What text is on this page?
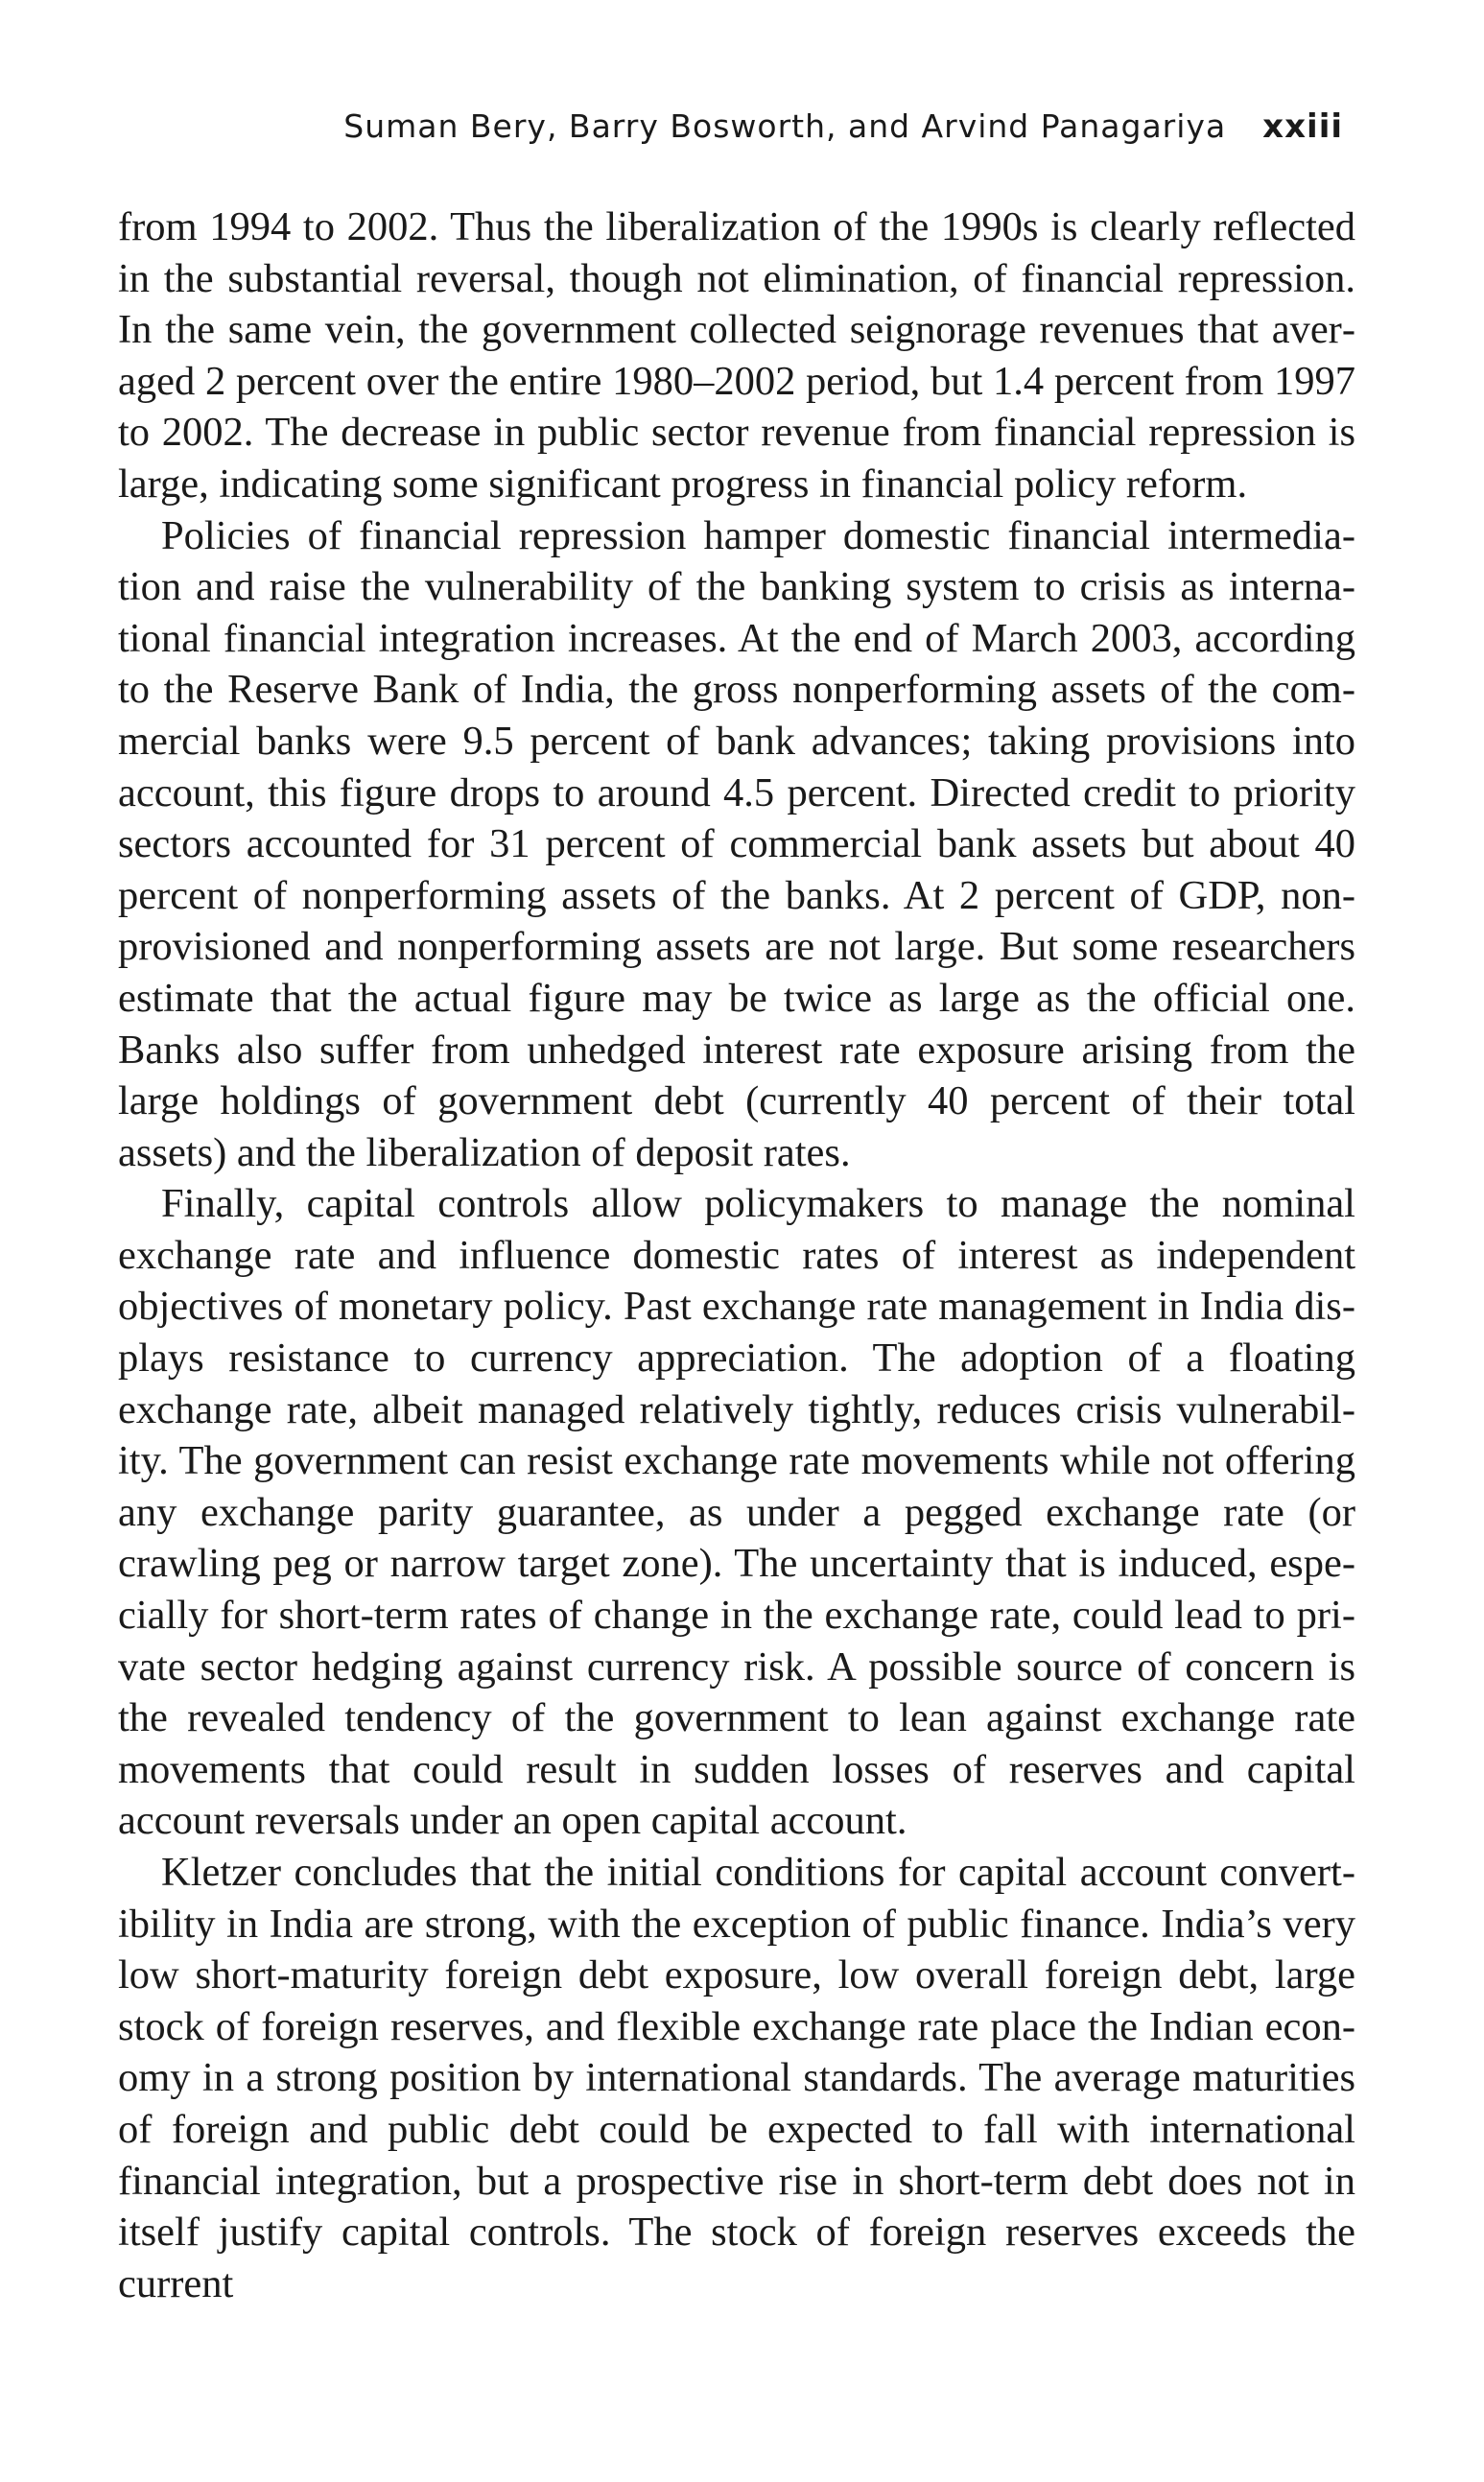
Suman Bery, Barry Bosworth, and Arvind Panagariya xxiii

from 1994 to 2002. Thus the liberalization of the 1990s is clearly reflected in the substantial reversal, though not elimination, of financial repression. In the same vein, the government collected seignorage revenues that averaged 2 percent over the entire 1980–2002 period, but 1.4 percent from 1997 to 2002. The decrease in public sector revenue from financial repression is large, indicating some significant progress in financial policy reform.

Policies of financial repression hamper domestic financial intermediation and raise the vulnerability of the banking system to crisis as international financial integration increases. At the end of March 2003, according to the Reserve Bank of India, the gross nonperforming assets of the commercial banks were 9.5 percent of bank advances; taking provisions into account, this figure drops to around 4.5 percent. Directed credit to priority sectors accounted for 31 percent of commercial bank assets but about 40 percent of nonperforming assets of the banks. At 2 percent of GDP, nonprovisioned and nonperforming assets are not large. But some researchers estimate that the actual figure may be twice as large as the official one. Banks also suffer from unhedged interest rate exposure arising from the large holdings of government debt (currently 40 percent of their total assets) and the liberalization of deposit rates.

Finally, capital controls allow policymakers to manage the nominal exchange rate and influence domestic rates of interest as independent objectives of monetary policy. Past exchange rate management in India displays resistance to currency appreciation. The adoption of a floating exchange rate, albeit managed relatively tightly, reduces crisis vulnerability. The government can resist exchange rate movements while not offering any exchange parity guarantee, as under a pegged exchange rate (or crawling peg or narrow target zone). The uncertainty that is induced, especially for short-term rates of change in the exchange rate, could lead to private sector hedging against currency risk. A possible source of concern is the revealed tendency of the government to lean against exchange rate movements that could result in sudden losses of reserves and capital account reversals under an open capital account.

Kletzer concludes that the initial conditions for capital account convertibility in India are strong, with the exception of public finance. India’s very low short-maturity foreign debt exposure, low overall foreign debt, large stock of foreign reserves, and flexible exchange rate place the Indian economy in a strong position by international standards. The average maturities of foreign and public debt could be expected to fall with international financial integration, but a prospective rise in short-term debt does not in itself justify capital controls. The stock of foreign reserves exceeds the current
